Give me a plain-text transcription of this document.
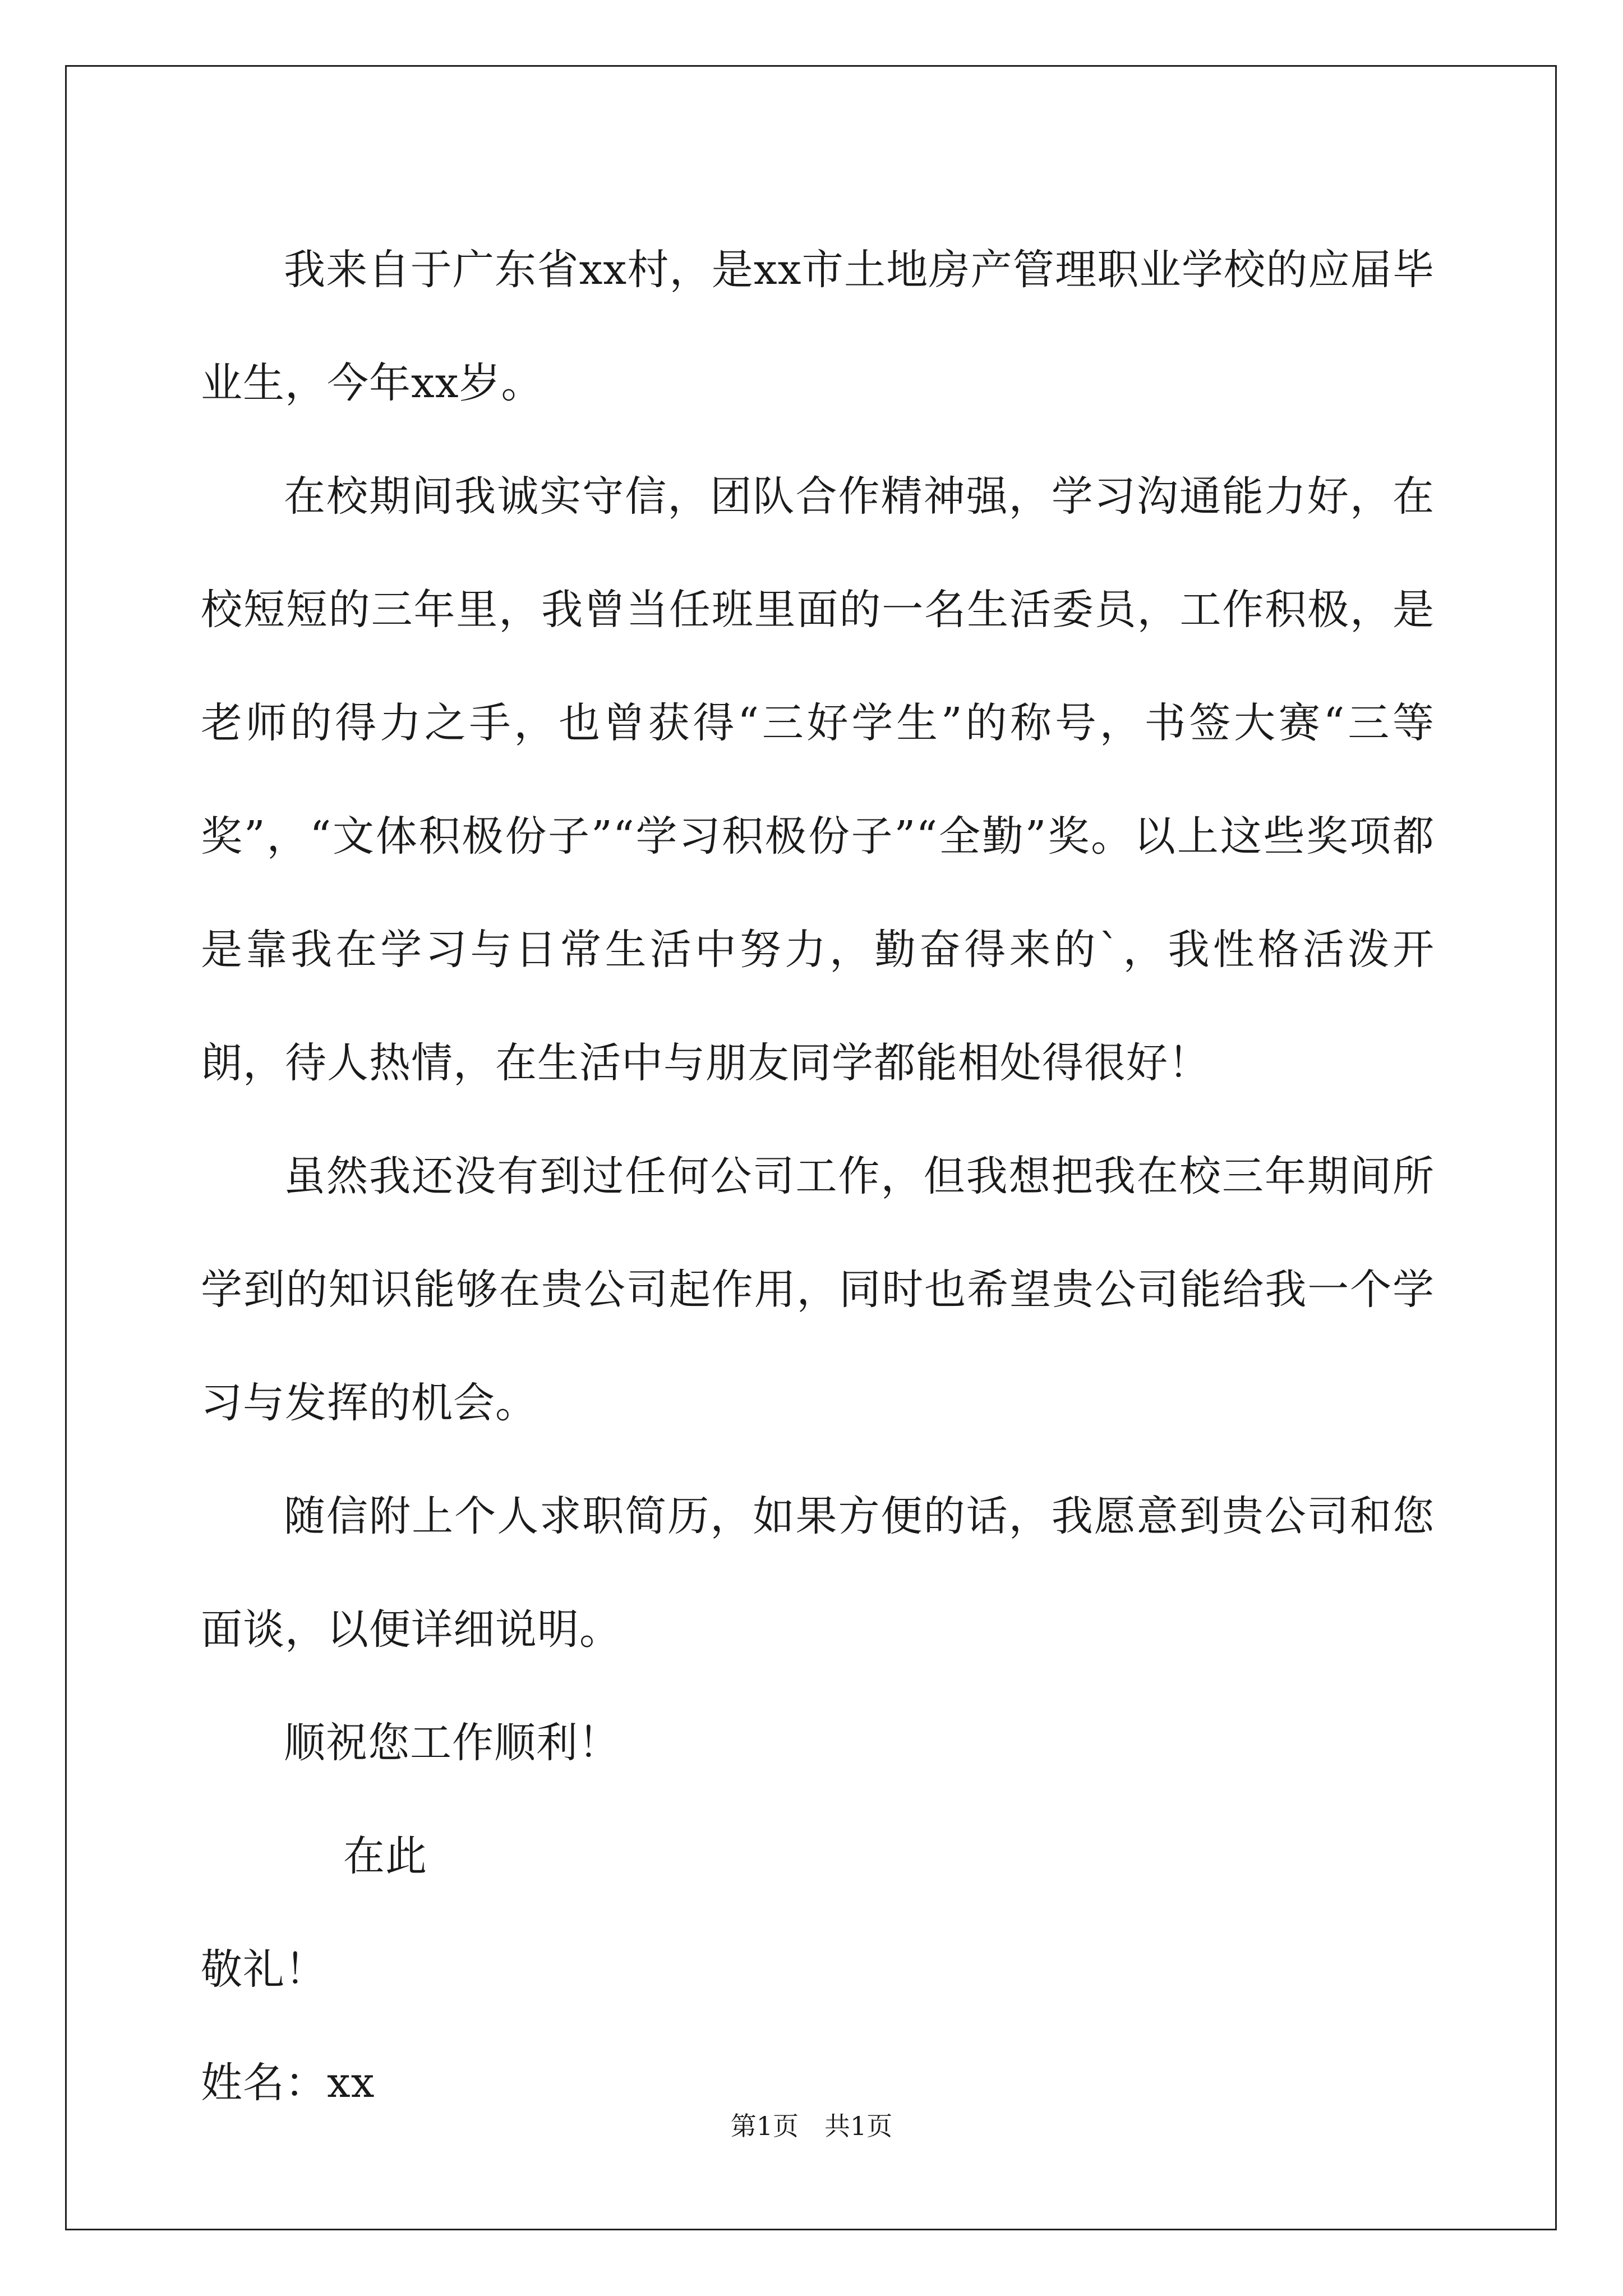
我来自于广东省xx村，是xx市土地房产管理职业学校的应届毕业生，今年xx岁。

在校期间我诚实守信，团队合作精神强，学习沟通能力好，在校短短的三年里，我曾当任班里面的一名生活委员，工作积极，是老师的得力之手，也曾获得“三好学生”的称号，书签大赛“三等奖”，“文体积极份子”“学习积极份子”“全勤”奖。以上这些奖项都是靠我在学习与日常生活中努力，勤奋得来的`，我性格活泼开朗，待人热情，在生活中与朋友同学都能相处得很好！

虽然我还没有到过任何公司工作，但我想把我在校三年期间所学到的知识能够在贵公司起作用，同时也希望贵公司能给我一个学习与发挥的机会。

随信附上个人求职简历，如果方便的话，我愿意到贵公司和您面谈，以便详细说明。

顺祝您工作顺利！

在此

敬礼！

姓名：xx

第1页　共1页
